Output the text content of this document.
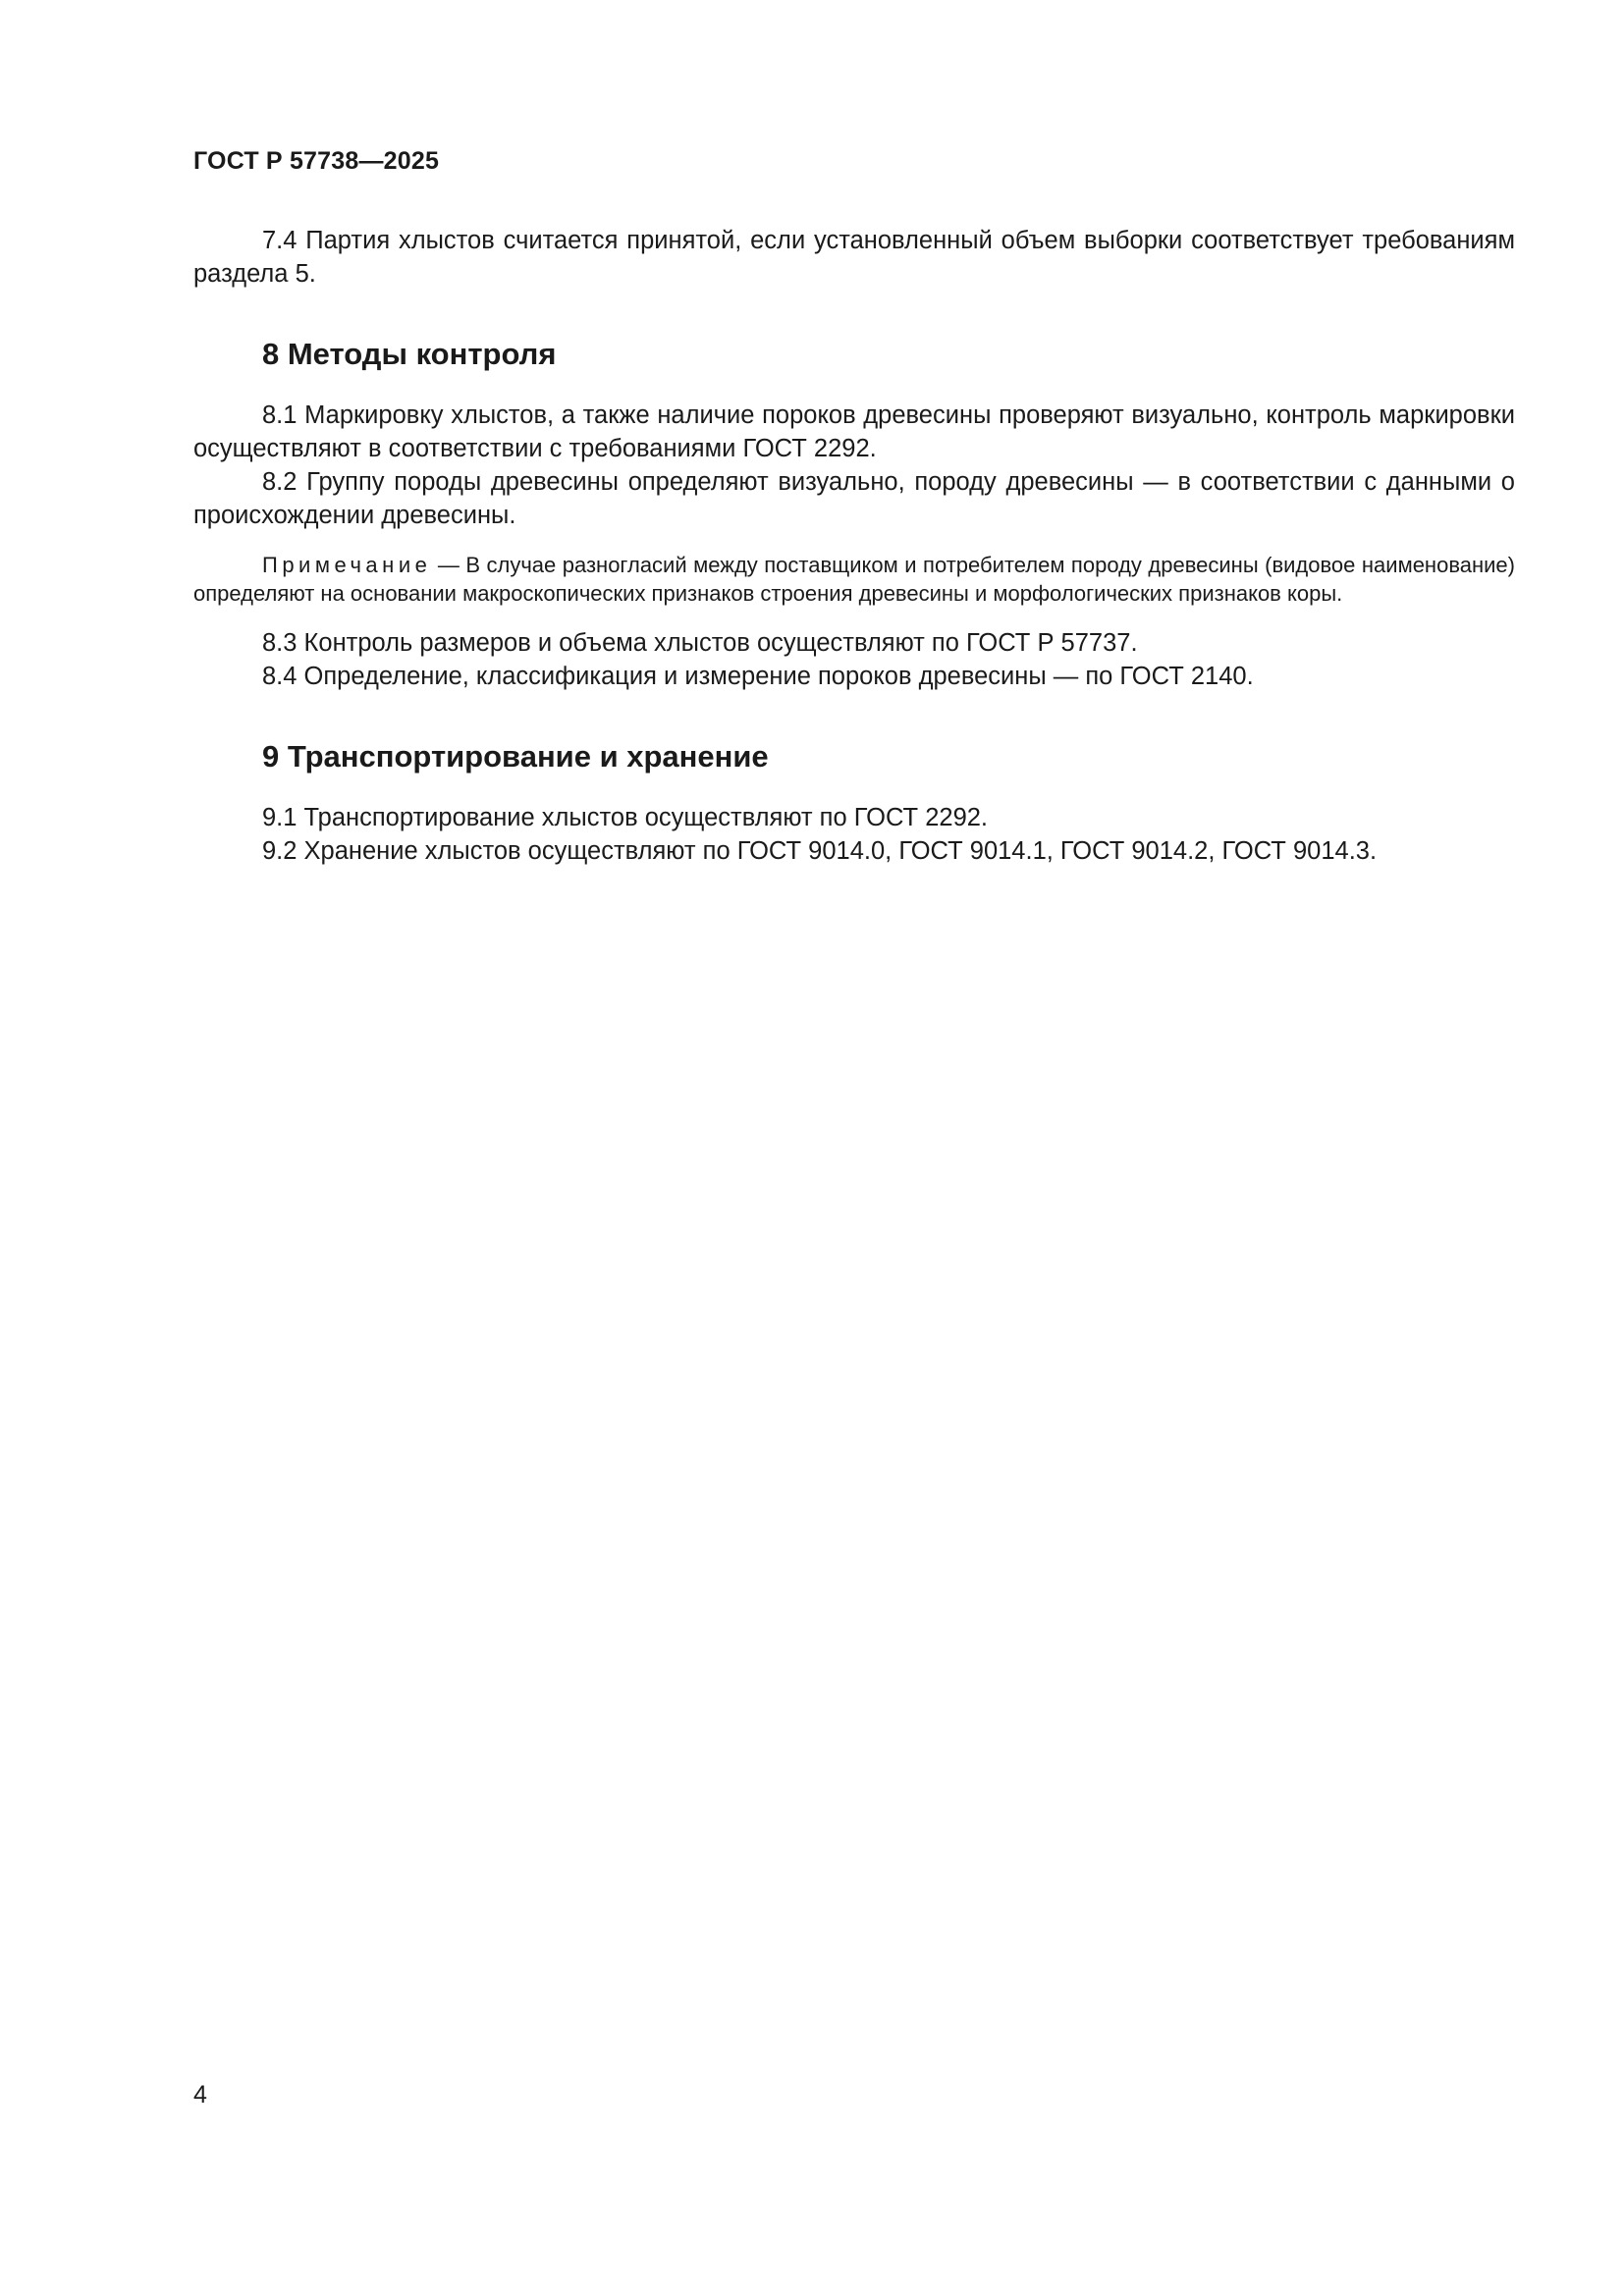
ГОСТ Р 57738—2025

7.4 Партия хлыстов считается принятой, если установленный объем выборки соответствует требованиям раздела 5.

8 Методы контроля

8.1 Маркировку хлыстов, а также наличие пороков древесины проверяют визуально, контроль маркировки осуществляют в соответствии с требованиями ГОСТ 2292.

8.2 Группу породы древесины определяют визуально, породу древесины — в соответствии с данными о происхождении древесины.

Примечание — В случае разногласий между поставщиком и потребителем породу древесины (видовое наименование) определяют на основании макроскопических признаков строения древесины и морфологических признаков коры.

8.3 Контроль размеров и объема хлыстов осуществляют по ГОСТ Р 57737.

8.4 Определение, классификация и измерение пороков древесины — по ГОСТ 2140.

9 Транспортирование и хранение

9.1 Транспортирование хлыстов осуществляют по ГОСТ 2292.

9.2 Хранение хлыстов осуществляют по ГОСТ 9014.0, ГОСТ 9014.1, ГОСТ 9014.2, ГОСТ 9014.3.

4
